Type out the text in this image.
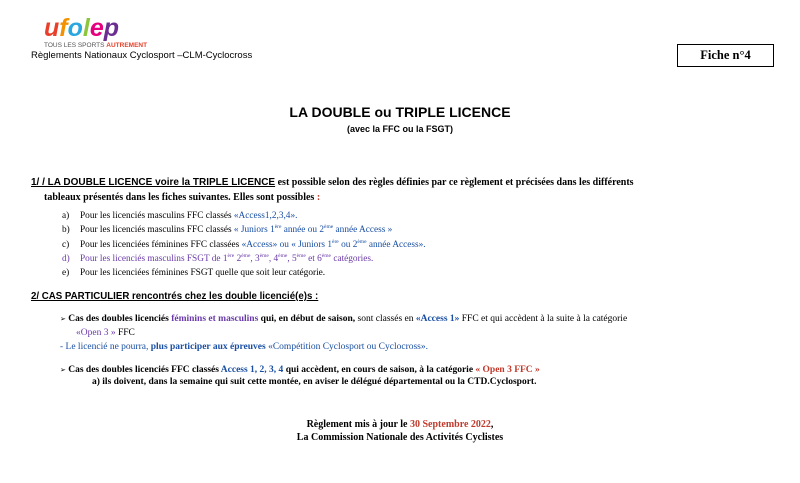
ufolep
TOUS LES SPORTS AUTREMENT
Règlements Nationaux Cyclosport –CLM-Cyclocross	Fiche n°4
LA DOUBLE ou TRIPLE LICENCE
(avec la FFC ou la FSGT)
1/ / LA DOUBLE LICENCE voire la TRIPLE LICENCE est possible selon des règles définies par ce règlement et précisées dans les différents
tableaux présentés dans les fiches suivantes. Elles sont possibles :
a) Pour les licenciés masculins FFC classés «Access1,2,3,4».
b) Pour les licenciés masculins FFC classés « Juniors 1ère année ou 2ème année Access »
c) Pour les licenciées féminines FFC classées «Access» ou « Juniors 1ère ou 2ème année Access».
d) Pour les licenciés masculins FSGT de 1ère 2ème, 3ème, 4ème, 5ème et 6ème catégories.
e) Pour les licenciées féminines FSGT quelle que soit leur catégorie.
2/ CAS PARTICULIER rencontrés chez les double licencié(e)s :
➢ Cas des doubles licenciés féminins et masculins qui, en début de saison, sont classés en «Access 1» FFC et qui accèdent à la suite à la catégorie
«Open 3 » FFC
- Le licencié ne pourra, plus participer aux épreuves «Compétition Cyclosport ou Cyclocross».
➢ Cas des doubles licenciés FFC classés Access 1, 2, 3, 4 qui accèdent, en cours de saison, à la catégorie « Open 3 FFC »
a) ils doivent, dans la semaine qui suit cette montée, en aviser le délégué départemental ou la CTD.Cyclosport.
Règlement mis à jour le 30 Septembre 2022,
La Commission Nationale des Activités Cyclistes
